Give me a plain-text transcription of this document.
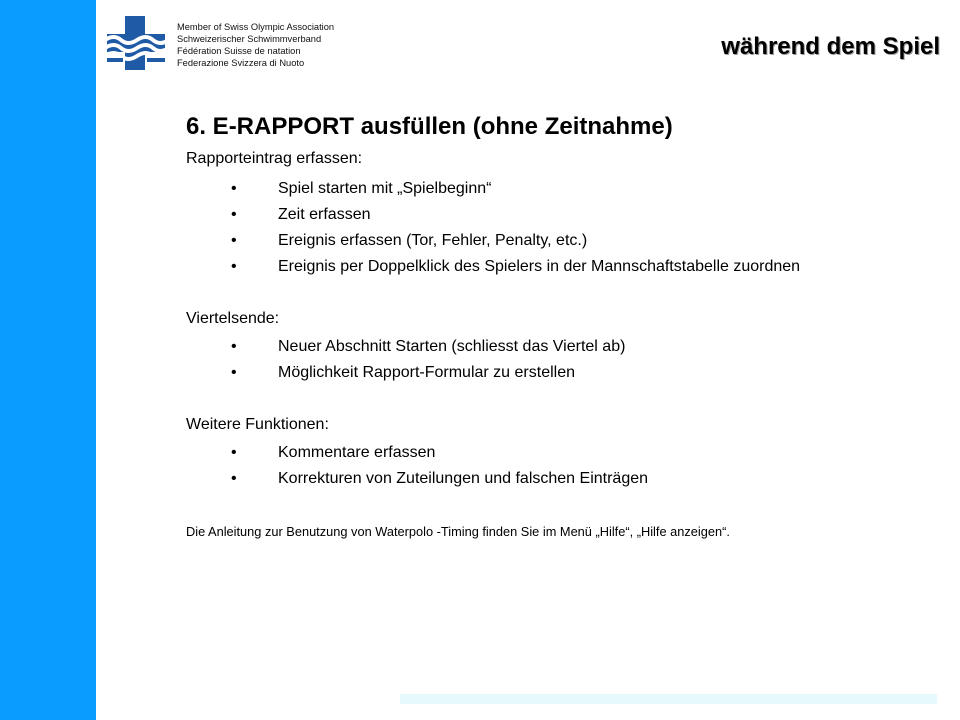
Member of Swiss Olympic Association
Schweizerischer Schwimmverband
Fédération Suisse de natation
Federazione Svizzera di Nuoto
während dem Spiel
6. E-RAPPORT ausfüllen (ohne Zeitnahme)
Rapporteintrag erfassen:
•	Spiel starten mit „Spielbeginn“
•	Zeit erfassen
•	Ereignis erfassen (Tor, Fehler, Penalty, etc.)
•	Ereignis per Doppelklick des Spielers in der Mannschaftstabelle zuordnen
Viertelsende:
•	Neuer Abschnitt Starten (schliesst das Viertel ab)
•	Möglichkeit Rapport-Formular zu erstellen
Weitere Funktionen:
•	Kommentare erfassen
•	Korrekturen von Zuteilungen und falschen Einträgen
Die Anleitung zur Benutzung von Waterpolo -Timing finden Sie im Menü „Hilfe“, „Hilfe anzeigen“.
